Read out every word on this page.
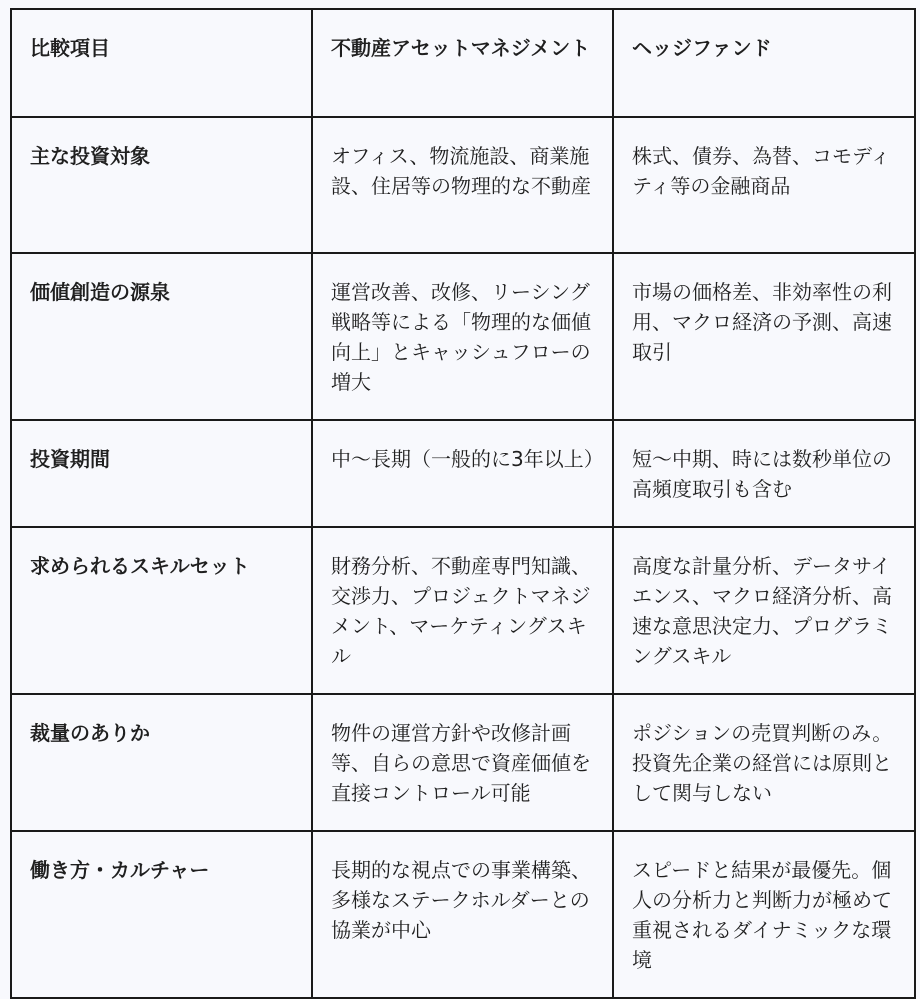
比較項目	不動産アセットマネジメント	ヘッジファンド
主な投資対象	オフィス、物流施設、商業施設、住居等の物理的な不動産	株式、債券、為替、コモディティ等の金融商品
価値創造の源泉	運営改善、改修、リーシング戦略等による「物理的な価値向上」とキャッシュフローの増大	市場の価格差、非効率性の利用、マクロ経済の予測、高速取引
投資期間	中〜長期（一般的に3年以上）	短〜中期、時には数秒単位の高頻度取引も含む
求められるスキルセット	財務分析、不動産専門知識、交渉力、プロジェクトマネジメント、マーケティングスキル	高度な計量分析、データサイエンス、マクロ経済分析、高速な意思決定力、プログラミングスキル
裁量のありか	物件の運営方針や改修計画等、自らの意思で資産価値を直接コントロール可能	ポジションの売買判断のみ。投資先企業の経営には原則として関与しない
働き方・カルチャー	長期的な視点での事業構築、多様なステークホルダーとの協業が中心	スピードと結果が最優先。個人の分析力と判断力が極めて重視されるダイナミックな環境
